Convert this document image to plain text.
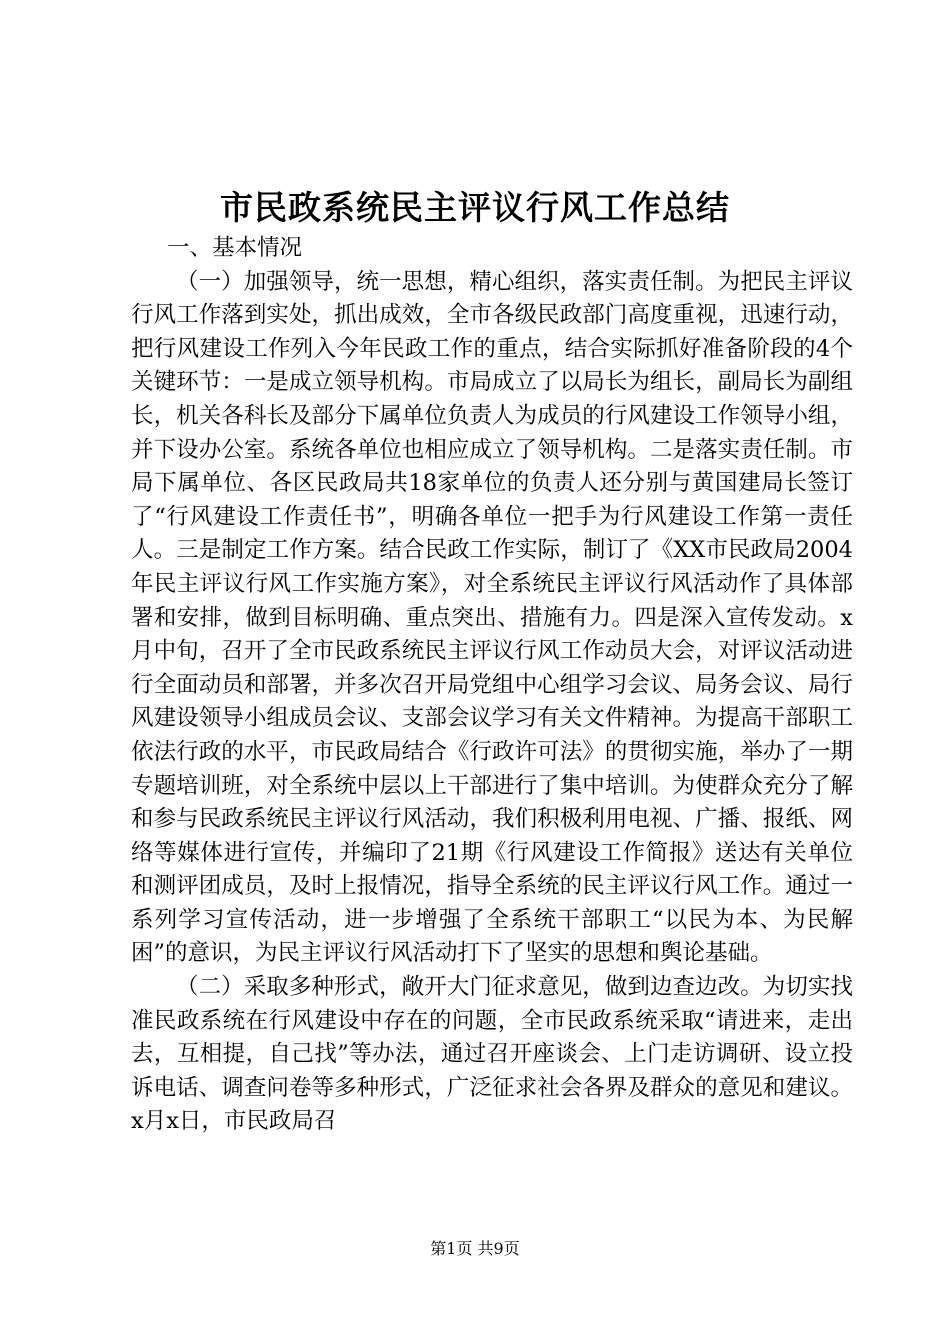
市民政系统民主评议行风工作总结

一、基本情况

（一）加强领导，统一思想，精心组织，落实责任制。为把民主评议行风工作落到实处，抓出成效，全市各级民政部门高度重视，迅速行动，把行风建设工作列入今年民政工作的重点，结合实际抓好准备阶段的4个关键环节：一是成立领导机构。市局成立了以局长为组长，副局长为副组长，机关各科长及部分下属单位负责人为成员的行风建设工作领导小组，并下设办公室。系统各单位也相应成立了领导机构。二是落实责任制。市局下属单位、各区民政局共18家单位的负责人还分别与黄国建局长签订了“行风建设工作责任书”，明确各单位一把手为行风建设工作第一责任人。三是制定工作方案。结合民政工作实际，制订了《XX市民政局2004年民主评议行风工作实施方案》，对全系统民主评议行风活动作了具体部署和安排，做到目标明确、重点突出、措施有力。四是深入宣传发动。x月中旬，召开了全市民政系统民主评议行风工作动员大会，对评议活动进行全面动员和部署，并多次召开局党组中心组学习会议、局务会议、局行风建设领导小组成员会议、支部会议学习有关文件精神。为提高干部职工依法行政的水平，市民政局结合《行政许可法》的贯彻实施，举办了一期专题培训班，对全系统中层以上干部进行了集中培训。为使群众充分了解和参与民政系统民主评议行风活动，我们积极利用电视、广播、报纸、网络等媒体进行宣传，并编印了21期《行风建设工作简报》送达有关单位和测评团成员，及时上报情况，指导全系统的民主评议行风工作。通过一系列学习宣传活动，进一步增强了全系统干部职工“以民为本、为民解困”的意识，为民主评议行风活动打下了坚实的思想和舆论基础。

（二）采取多种形式，敞开大门征求意见，做到边查边改。为切实找准民政系统在行风建设中存在的问题，全市民政系统采取“请进来，走出去，互相提，自己找”等办法，通过召开座谈会、上门走访调研、设立投诉电话、调查问卷等多种形式，广泛征求社会各界及群众的意见和建议。x月x日，市民政局召

第1页 共9页
